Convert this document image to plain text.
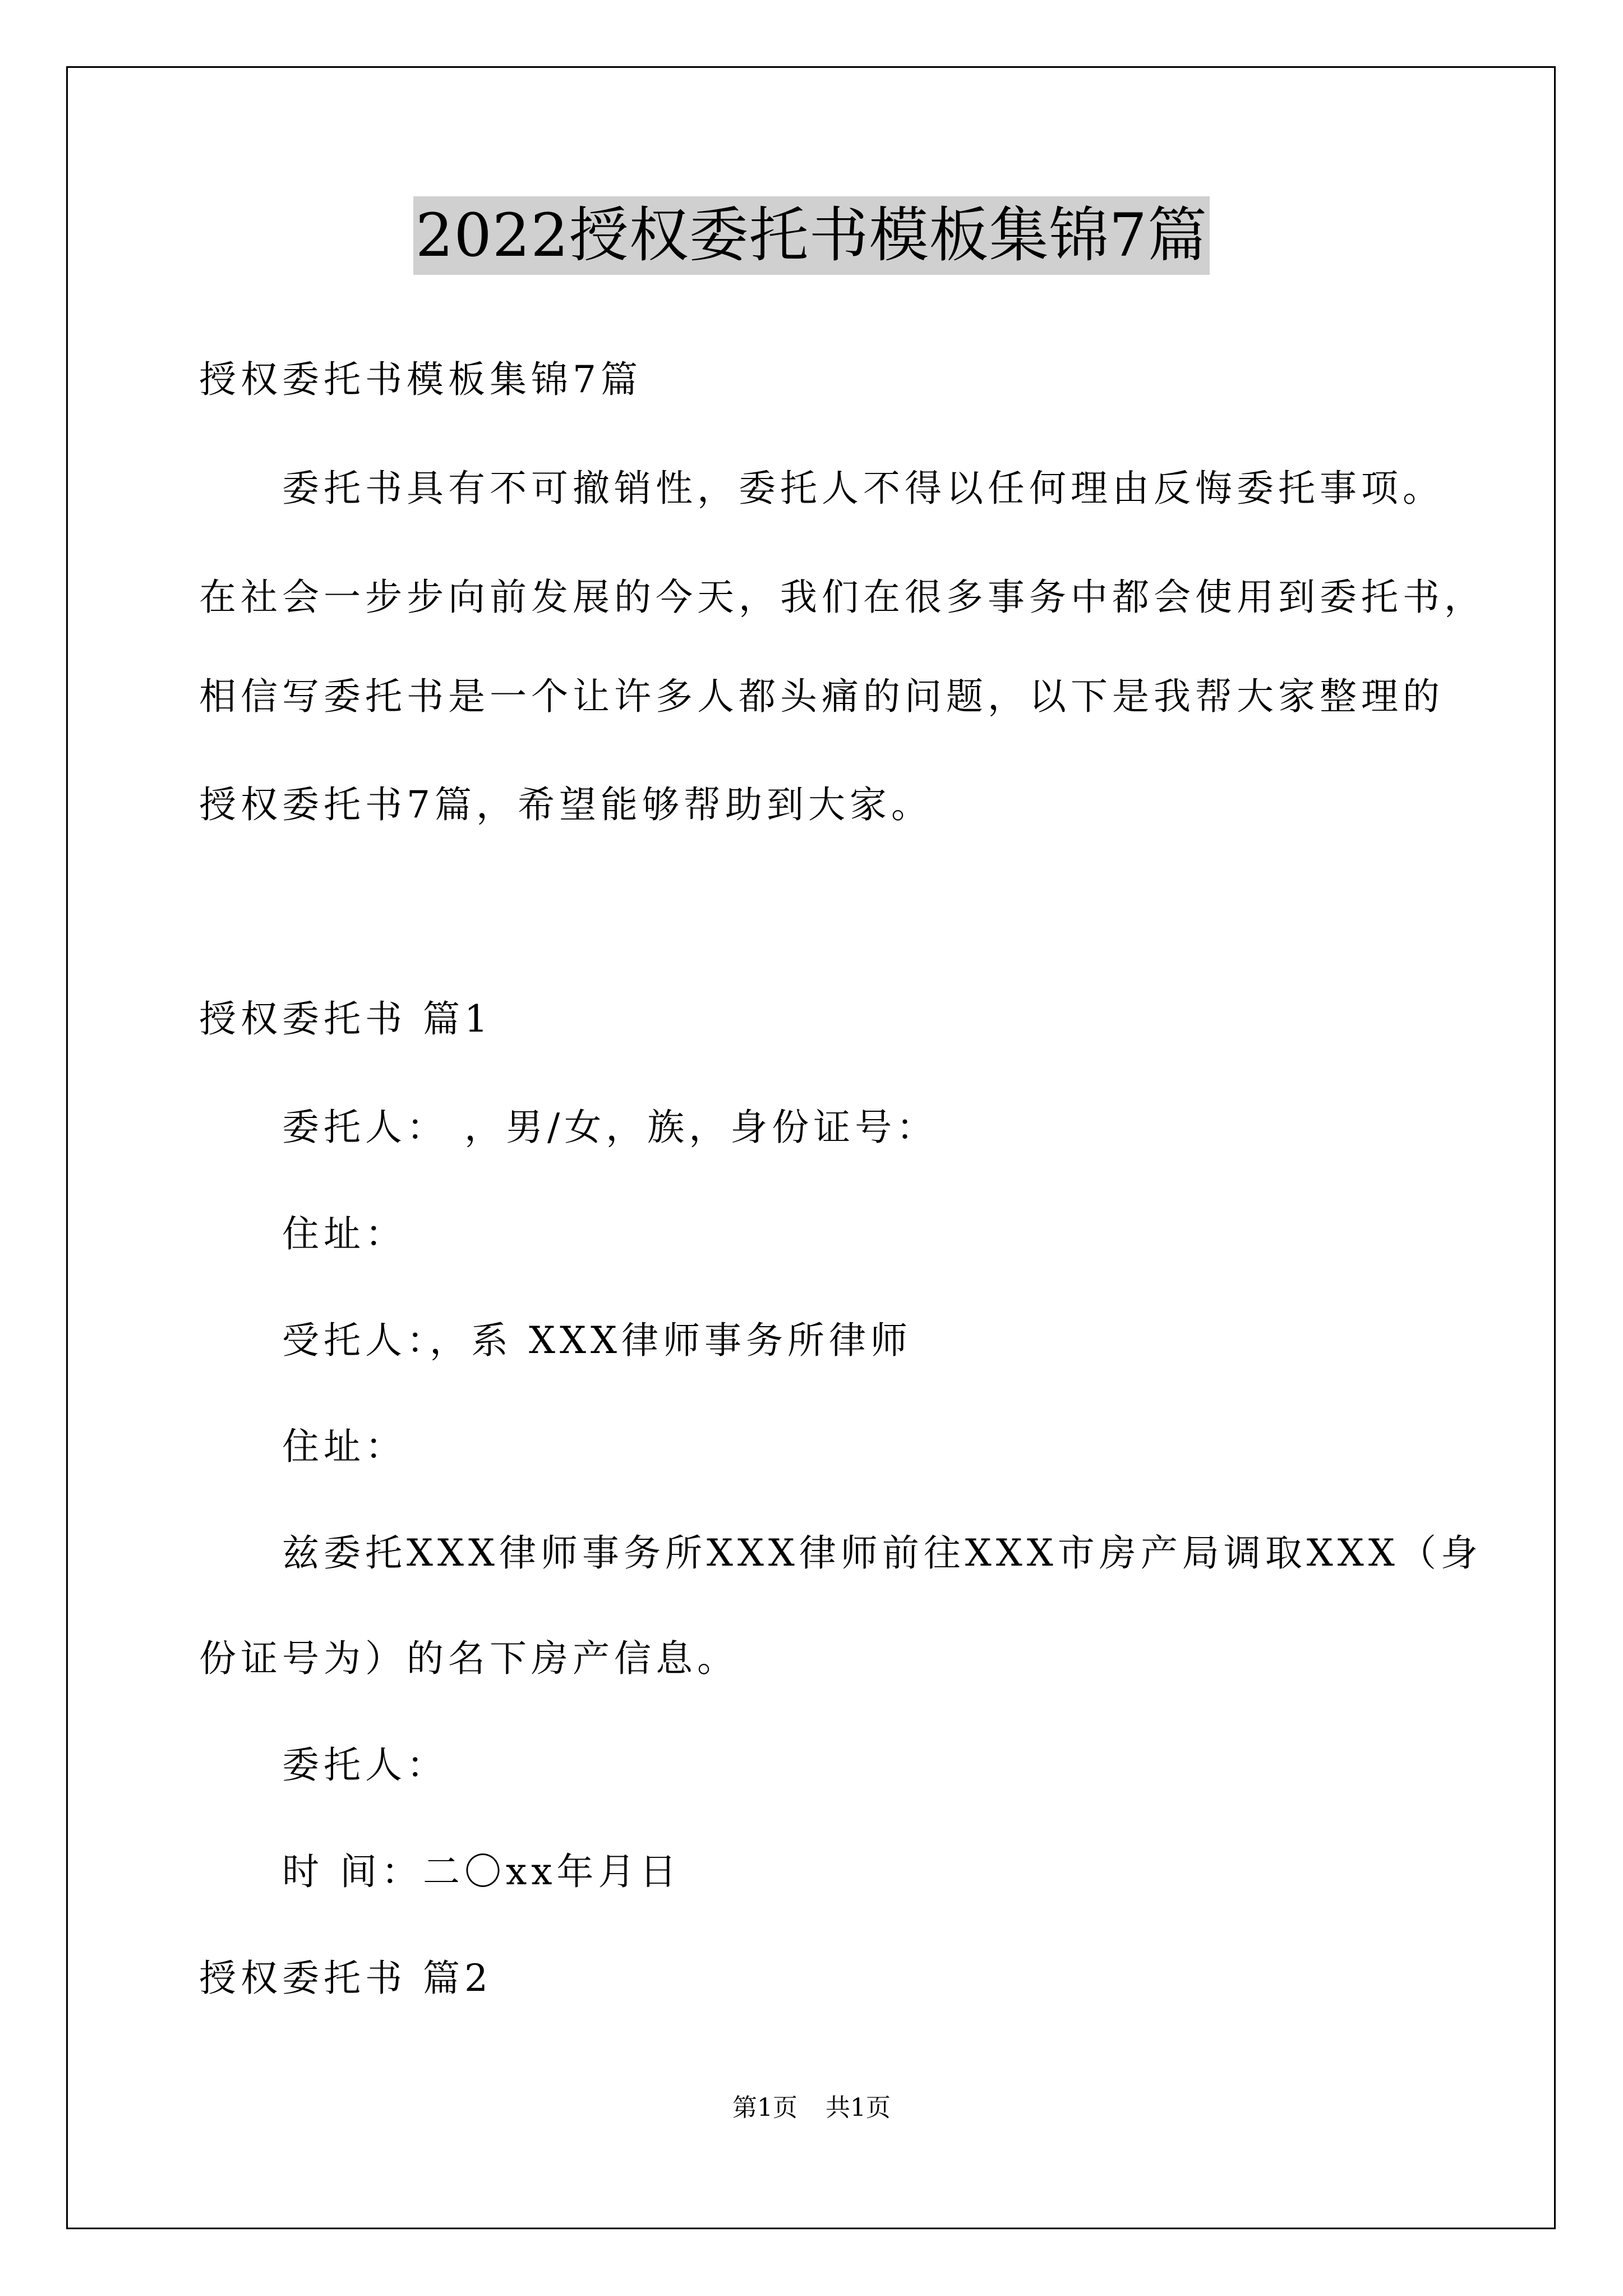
2022授权委托书模板集锦7篇
授权委托书模板集锦7篇
委托书具有不可撤销性，委托人不得以任何理由反悔委托事项。
在社会一步步向前发展的今天，我们在很多事务中都会使用到委托书，
相信写委托书是一个让许多人都头痛的问题，以下是我帮大家整理的
授权委托书7篇，希望能够帮助到大家。
授权委托书 篇1
委托人： ，男/女，族，身份证号：
住址：
受托人：，系 XXX律师事务所律师
住址：
兹委托XXX律师事务所XXX律师前往XXX市房产局调取XXX（身
份证号为）的名下房产信息。
委托人：
时 间：二〇xx年月日
授权委托书 篇2
第1页 共1页
